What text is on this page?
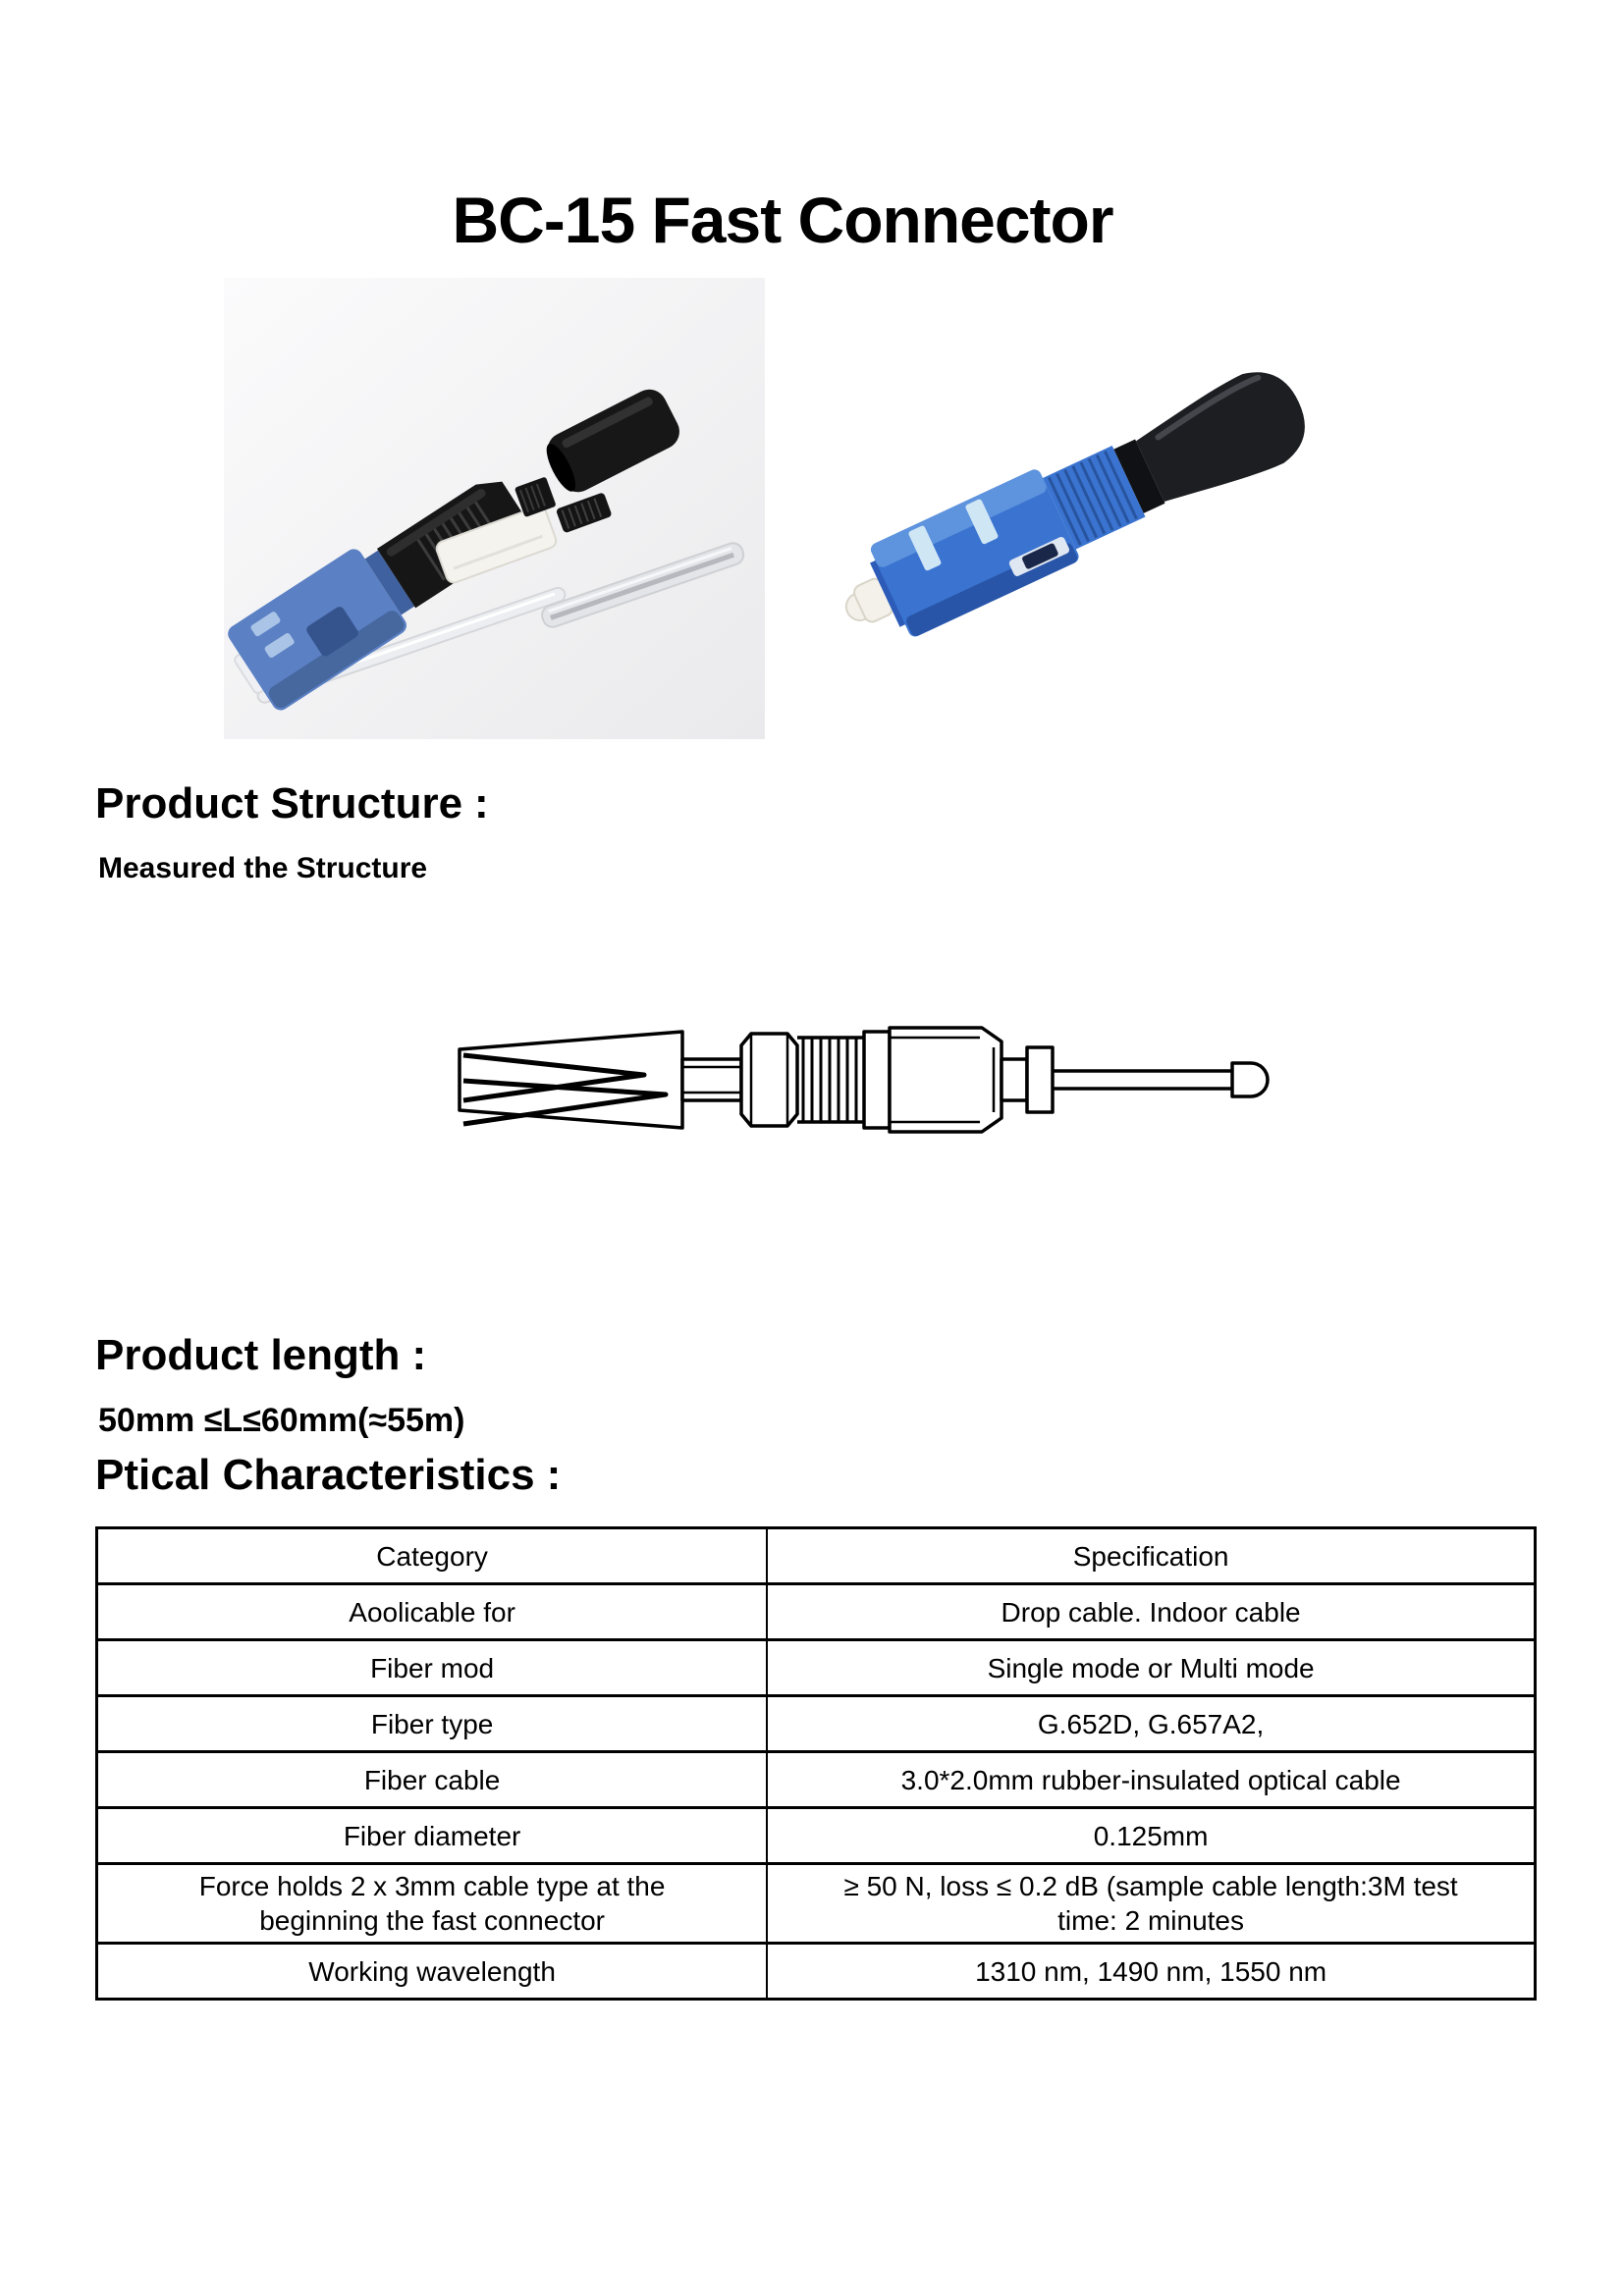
BC-15 Fast Connector
Product Structure :
Measured the Structure
Product length :
50mm ≤L≤60mm(≈55m)
Ptical Characteristics :
Category	Specification
Aoolicable for	Drop cable. Indoor cable
Fiber mod	Single mode or Multi mode
Fiber type	G.652D, G.657A2,
Fiber cable	3.0*2.0mm rubber-insulated optical cable
Fiber diameter	0.125mm
Force holds 2 x 3mm cable type at the beginning the fast connector	≥ 50 N, loss ≤ 0.2 dB (sample cable length:3M test time: 2 minutes
Working wavelength	1310 nm, 1490 nm, 1550 nm
